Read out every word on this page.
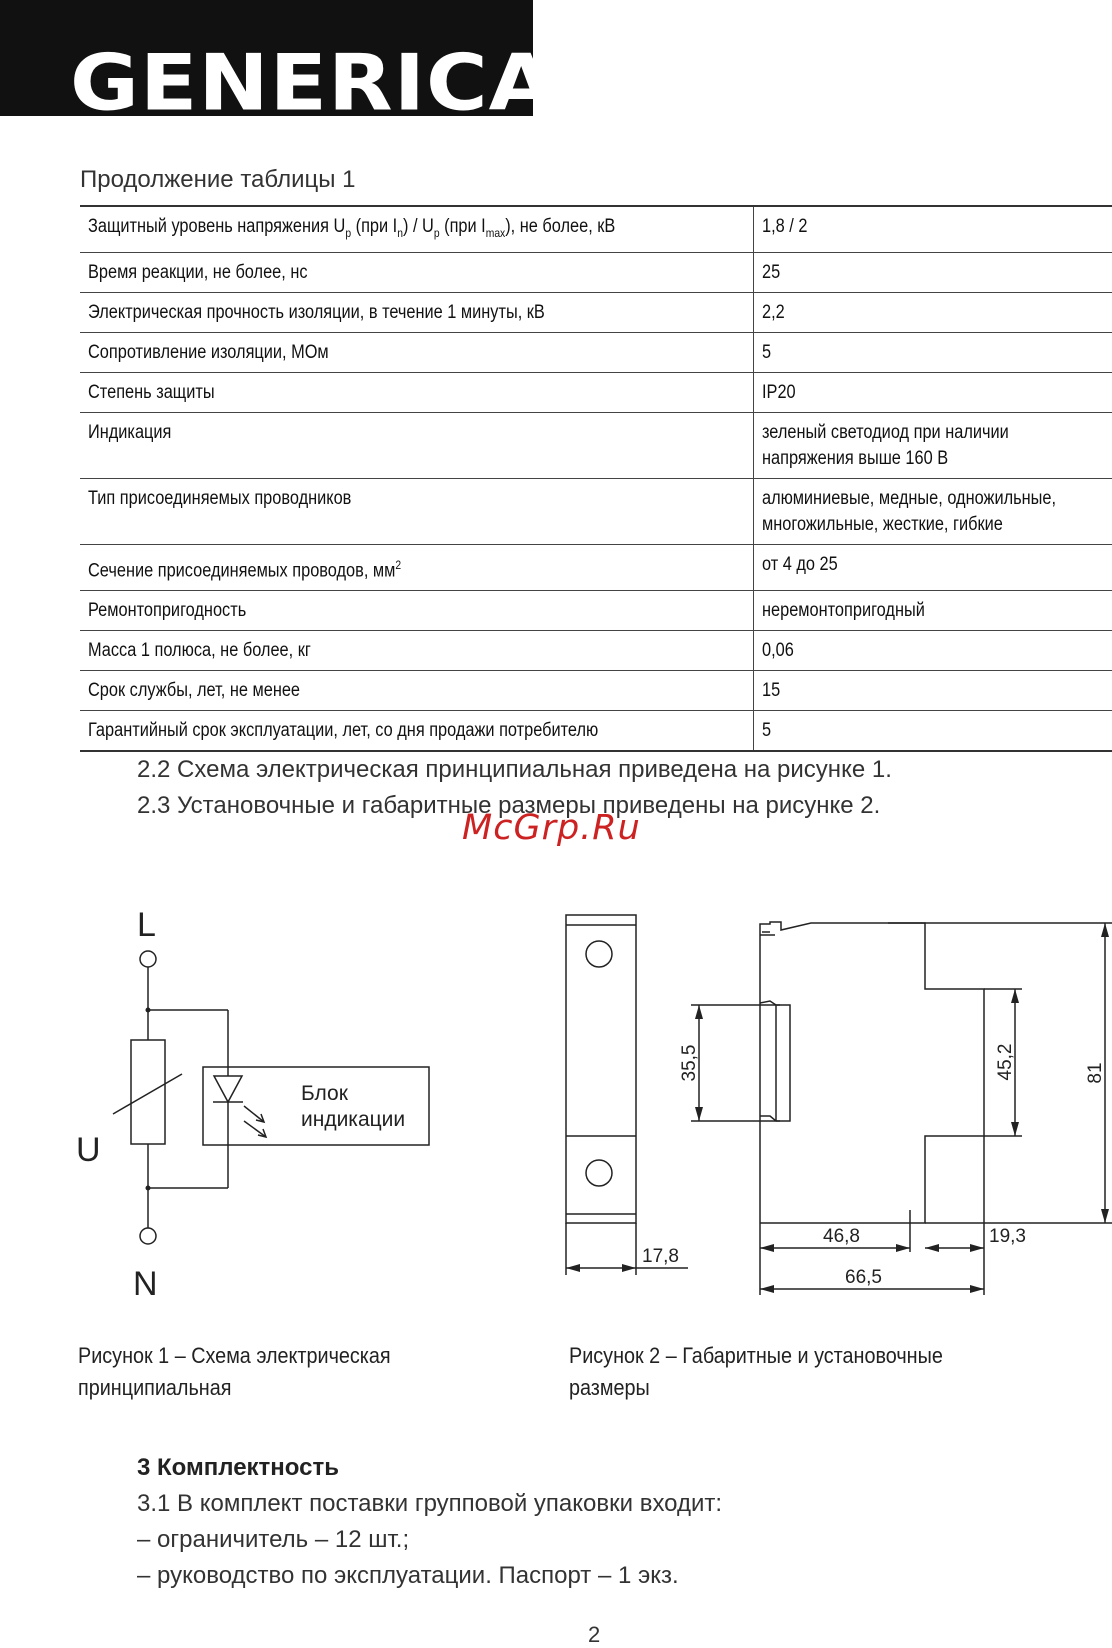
GENERICA
Продолжение таблицы 1
Защитный уровень напряжения $U_p$ (при $I_n) / U_p$ (при $I_{max}$), не более, кВ	1,8 / 2
Время реакции, не более, нс	25
Электрическая прочность изоляции, в течение 1 минуты, кВ	2,2
Сопротивление изоляции, МОм	5
Степень защиты	IP20
Индикация	зеленый светодиод при наличии
напряжения выше 160 В
Тип присоединяемых проводников	алюминиевые, медные, одножильные,
многожильные, жесткие, гибкие
Сечение присоединяемых проводов, $мм^2$	от 4 до 25
Ремонтопригодность	неремонтопригодный
Масса 1 полюса, не более, кг	0,06
Срок службы, лет, не менее	15
Гарантийный срок эксплуатации, лет, со дня продажи потребителю	5
2.2 Схема электрическая принципиальная приведена на рисунке 1.
2.3 Установочные и габаритные размеры приведены на рисунке 2.
McGrp.Ru
L
U
N
Блок
индикации
17,8
35,5	45,2	81
46,8	19,3
66,5
Рисунок 1 – Схема электрическая
принципиальная
Рисунок 2 – Габаритные и установочные
размеры
3 Комплектность
3.1 В комплект поставки групповой упаковки входит:
– ограничитель – 12 шт.;
– руководство по эксплуатации. Паспорт – 1 экз.
2
